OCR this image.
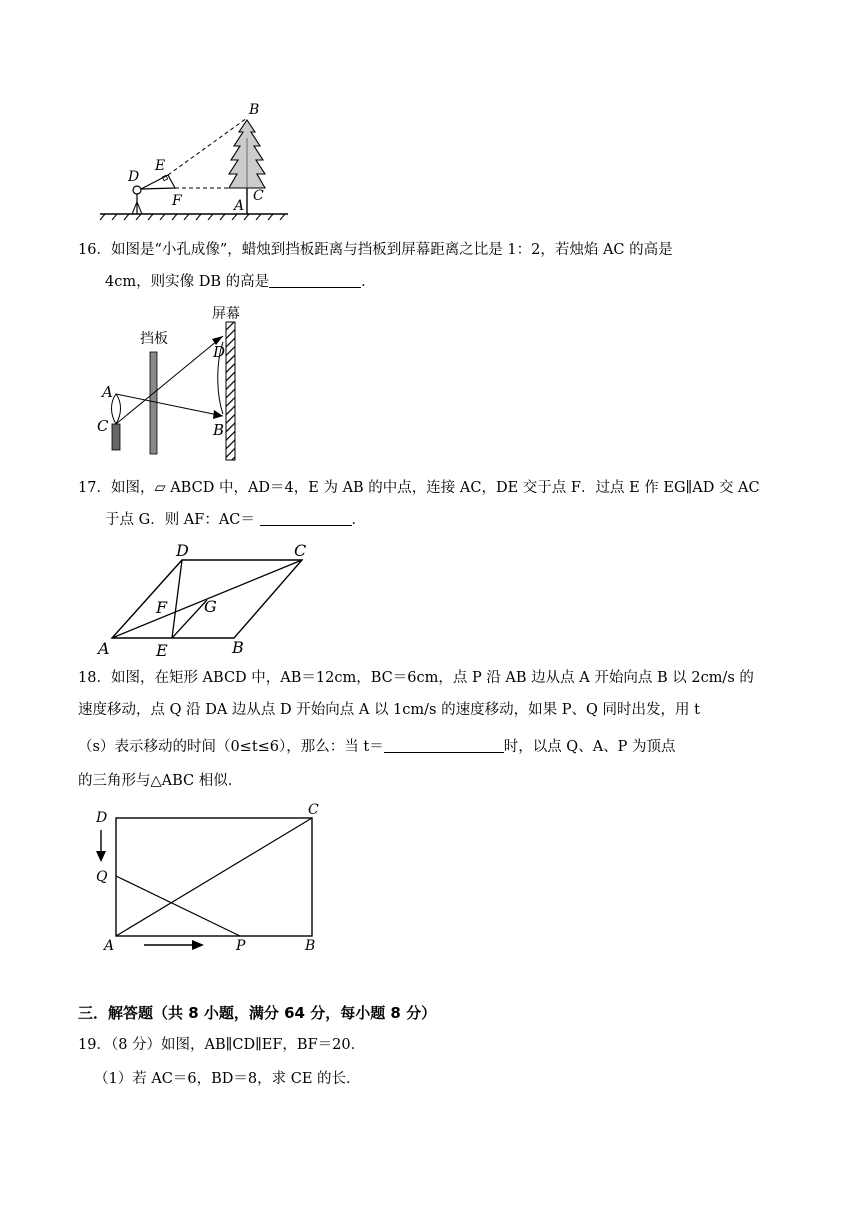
B
E
D
F	C
A
16．如图是“小孔成像”，蜡烛到挡板距离与挡板到屏幕距离之比是 1：2，若烛焰 AC 的高是
4cm，则实像 DB 的高是	．
屏幕
挡板
A
C
D
B
17．如图，▱ ABCD 中，AD＝4，E 为 AB 的中点，连接 AC，DE 交于点 F．过点 E 作 EG∥AD 交 AC
于点 G．则 AF：AC＝	．
D	C
F G
A	E	B
18．如图，在矩形 ABCD 中，AB＝12cm，BC＝6cm，点 P 沿 AB 边从点 A 开始向点 B 以 2cm/s 的
速度移动，点 Q 沿 DA 边从点 D 开始向点 A 以 1cm/s 的速度移动，如果 P、Q 同时出发，用 t
（s）表示移动的时间（0≤t≤6），那么：当 t＝	时，以点 Q、A、P 为顶点
的三角形与△ABC 相似．
D	C
Q
A	P	B
三．解答题（共 8 小题，满分 64 分，每小题 8 分）
19．（8 分）如图，AB∥CD∥EF，BF＝20．
（1）若 AC＝6，BD＝8，求 CE 的长．
